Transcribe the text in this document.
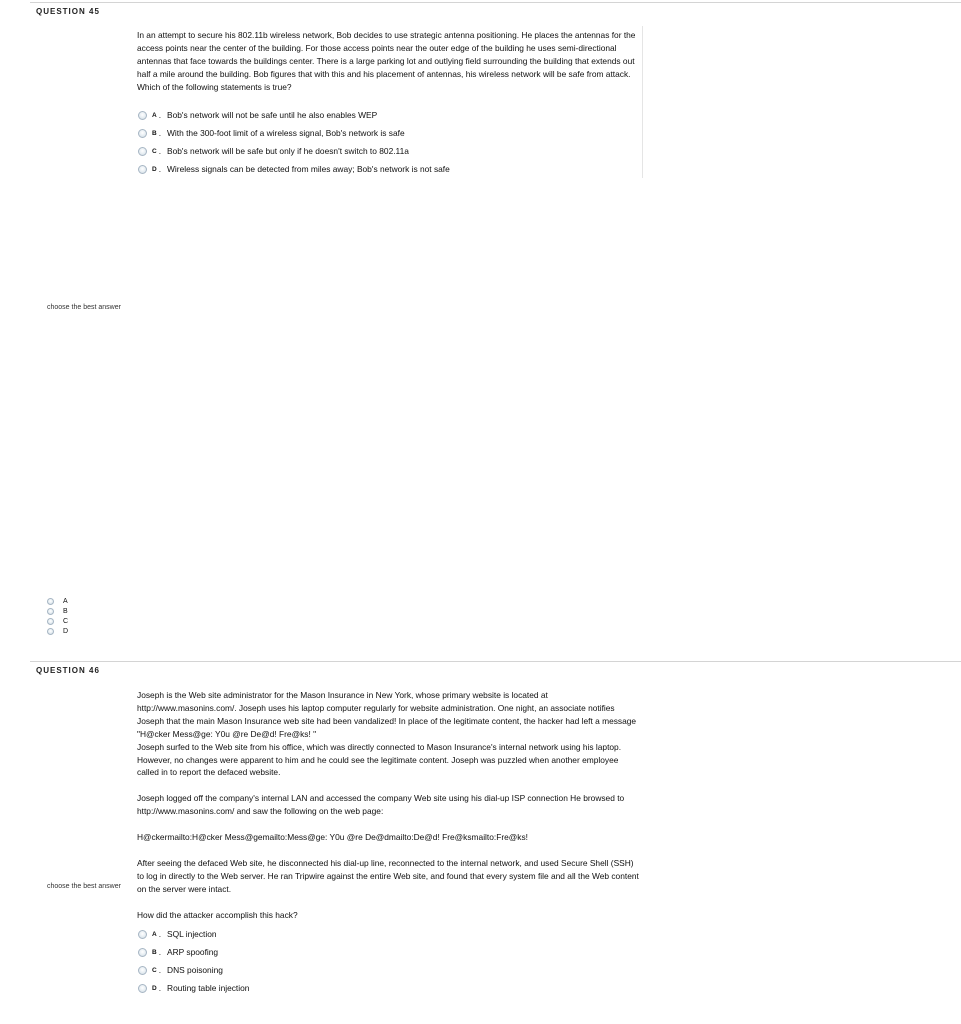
QUESTION 45

In an attempt to secure his 802.11b wireless network, Bob decides to use strategic antenna positioning. He places the antennas for the access points near the center of the building. For those access points near the outer edge of the building he uses semi-directional antennas that face towards the buildings center. There is a large parking lot and outlying field surrounding the building that extends out half a mile around the building. Bob figures that with this and his placement of antennas, his wireless network will be safe from attack. Which of the following statements is true?

A . Bob's network will not be safe until he also enables WEP
B . With the 300-foot limit of a wireless signal, Bob's network is safe
C . Bob's network will be safe but only if he doesn't switch to 802.11a
D . Wireless signals can be detected from miles away; Bob's network is not safe
choose the best answer
A
B
C
D
QUESTION 46

Joseph is the Web site administrator for the Mason Insurance in New York, whose primary website is located at http://www.masonins.com/. Joseph uses his laptop computer regularly for website administration. One night, an associate notifies Joseph that the main Mason Insurance web site had been vandalized! In place of the legitimate content, the hacker had left a message "H@cker Mess@ge: Y0u @re De@d! Fre@ks! "

Joseph surfed to the Web site from his office, which was directly connected to Mason Insurance's internal network using his laptop. However, no changes were apparent to him and he could see the legitimate content. Joseph was puzzled when another employee called in to report the defaced website.

Joseph logged off the company's internal LAN and accessed the company Web site using his dial-up ISP connection He browsed to http://www.masonins.com/ and saw the following on the web page:

H@ckermailto:H@cker Mess@gemailto:Mess@ge: Y0u @re De@dmailto:De@d! Fre@ksmailto:Fre@ks!

After seeing the defaced Web site, he disconnected his dial-up line, reconnected to the internal network, and used Secure Shell (SSH) to log in directly to the Web server. He ran Tripwire against the entire Web site, and found that every system file and all the Web content on the server were intact.

How did the attacker accomplish this hack?

choose the best answer
A . SQL injection
B . ARP spoofing
C . DNS poisoning
D . Routing table injection
